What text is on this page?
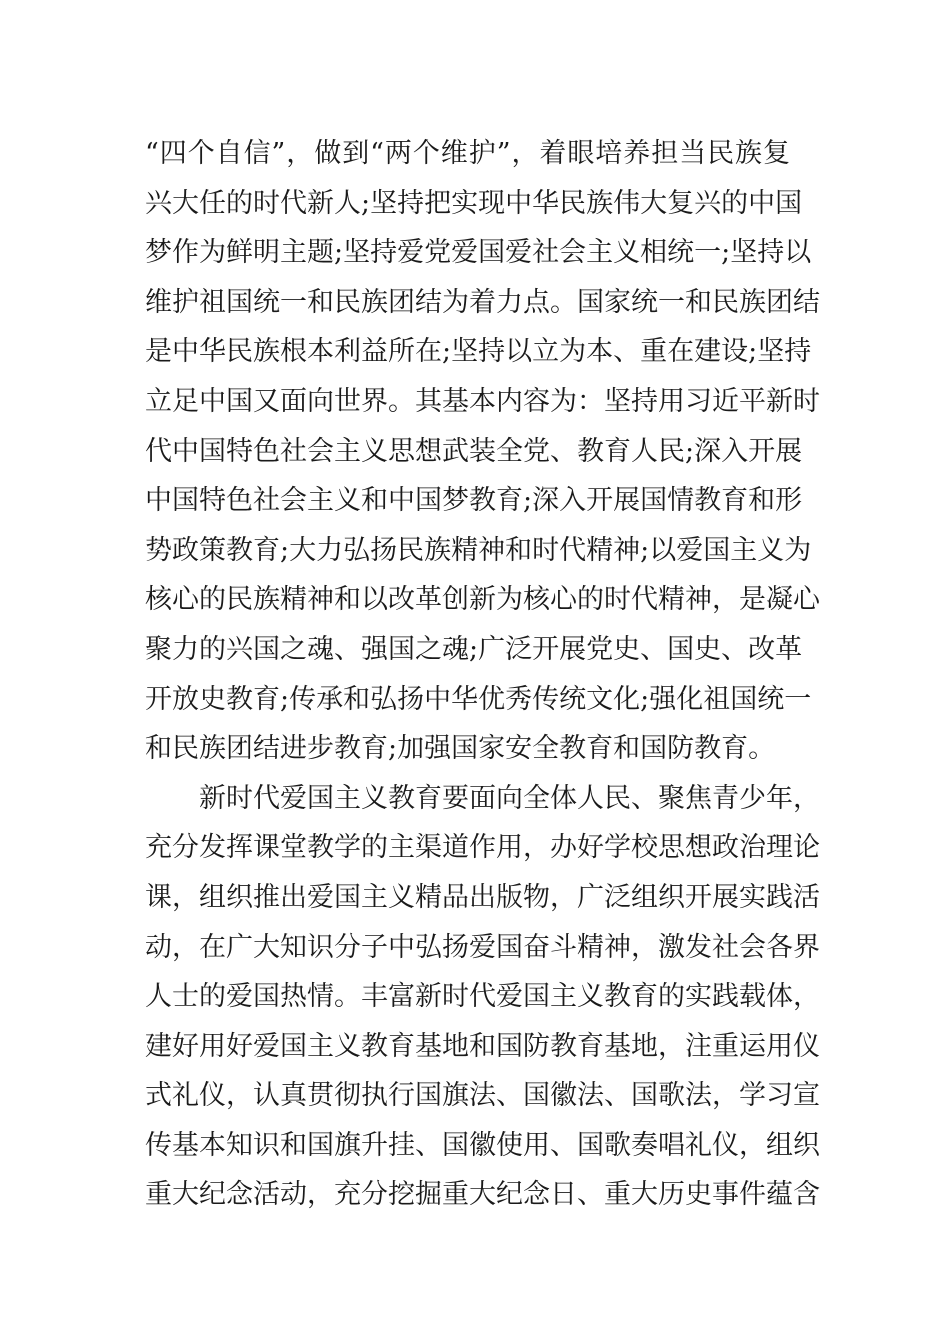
“四个自信”，做到“两个维护”，着眼培养担当民族复
兴大任的时代新人;坚持把实现中华民族伟大复兴的中国
梦作为鲜明主题;坚持爱党爱国爱社会主义相统一;坚持以
维护祖国统一和民族团结为着力点。国家统一和民族团结
是中华民族根本利益所在;坚持以立为本、重在建设;坚持
立足中国又面向世界。其基本内容为：坚持用习近平新时
代中国特色社会主义思想武装全党、教育人民;深入开展
中国特色社会主义和中国梦教育;深入开展国情教育和形
势政策教育;大力弘扬民族精神和时代精神;以爱国主义为
核心的民族精神和以改革创新为核心的时代精神，是凝心
聚力的兴国之魂、强国之魂;广泛开展党史、国史、改革
开放史教育;传承和弘扬中华优秀传统文化;强化祖国统一
和民族团结进步教育;加强国家安全教育和国防教育。
新时代爱国主义教育要面向全体人民、聚焦青少年，
充分发挥课堂教学的主渠道作用，办好学校思想政治理论
课，组织推出爱国主义精品出版物，广泛组织开展实践活
动，在广大知识分子中弘扬爱国奋斗精神，激发社会各界
人士的爱国热情。丰富新时代爱国主义教育的实践载体，
建好用好爱国主义教育基地和国防教育基地，注重运用仪
式礼仪，认真贯彻执行国旗法、国徽法、国歌法，学习宣
传基本知识和国旗升挂、国徽使用、国歌奏唱礼仪，组织
重大纪念活动，充分挖掘重大纪念日、重大历史事件蕴含
